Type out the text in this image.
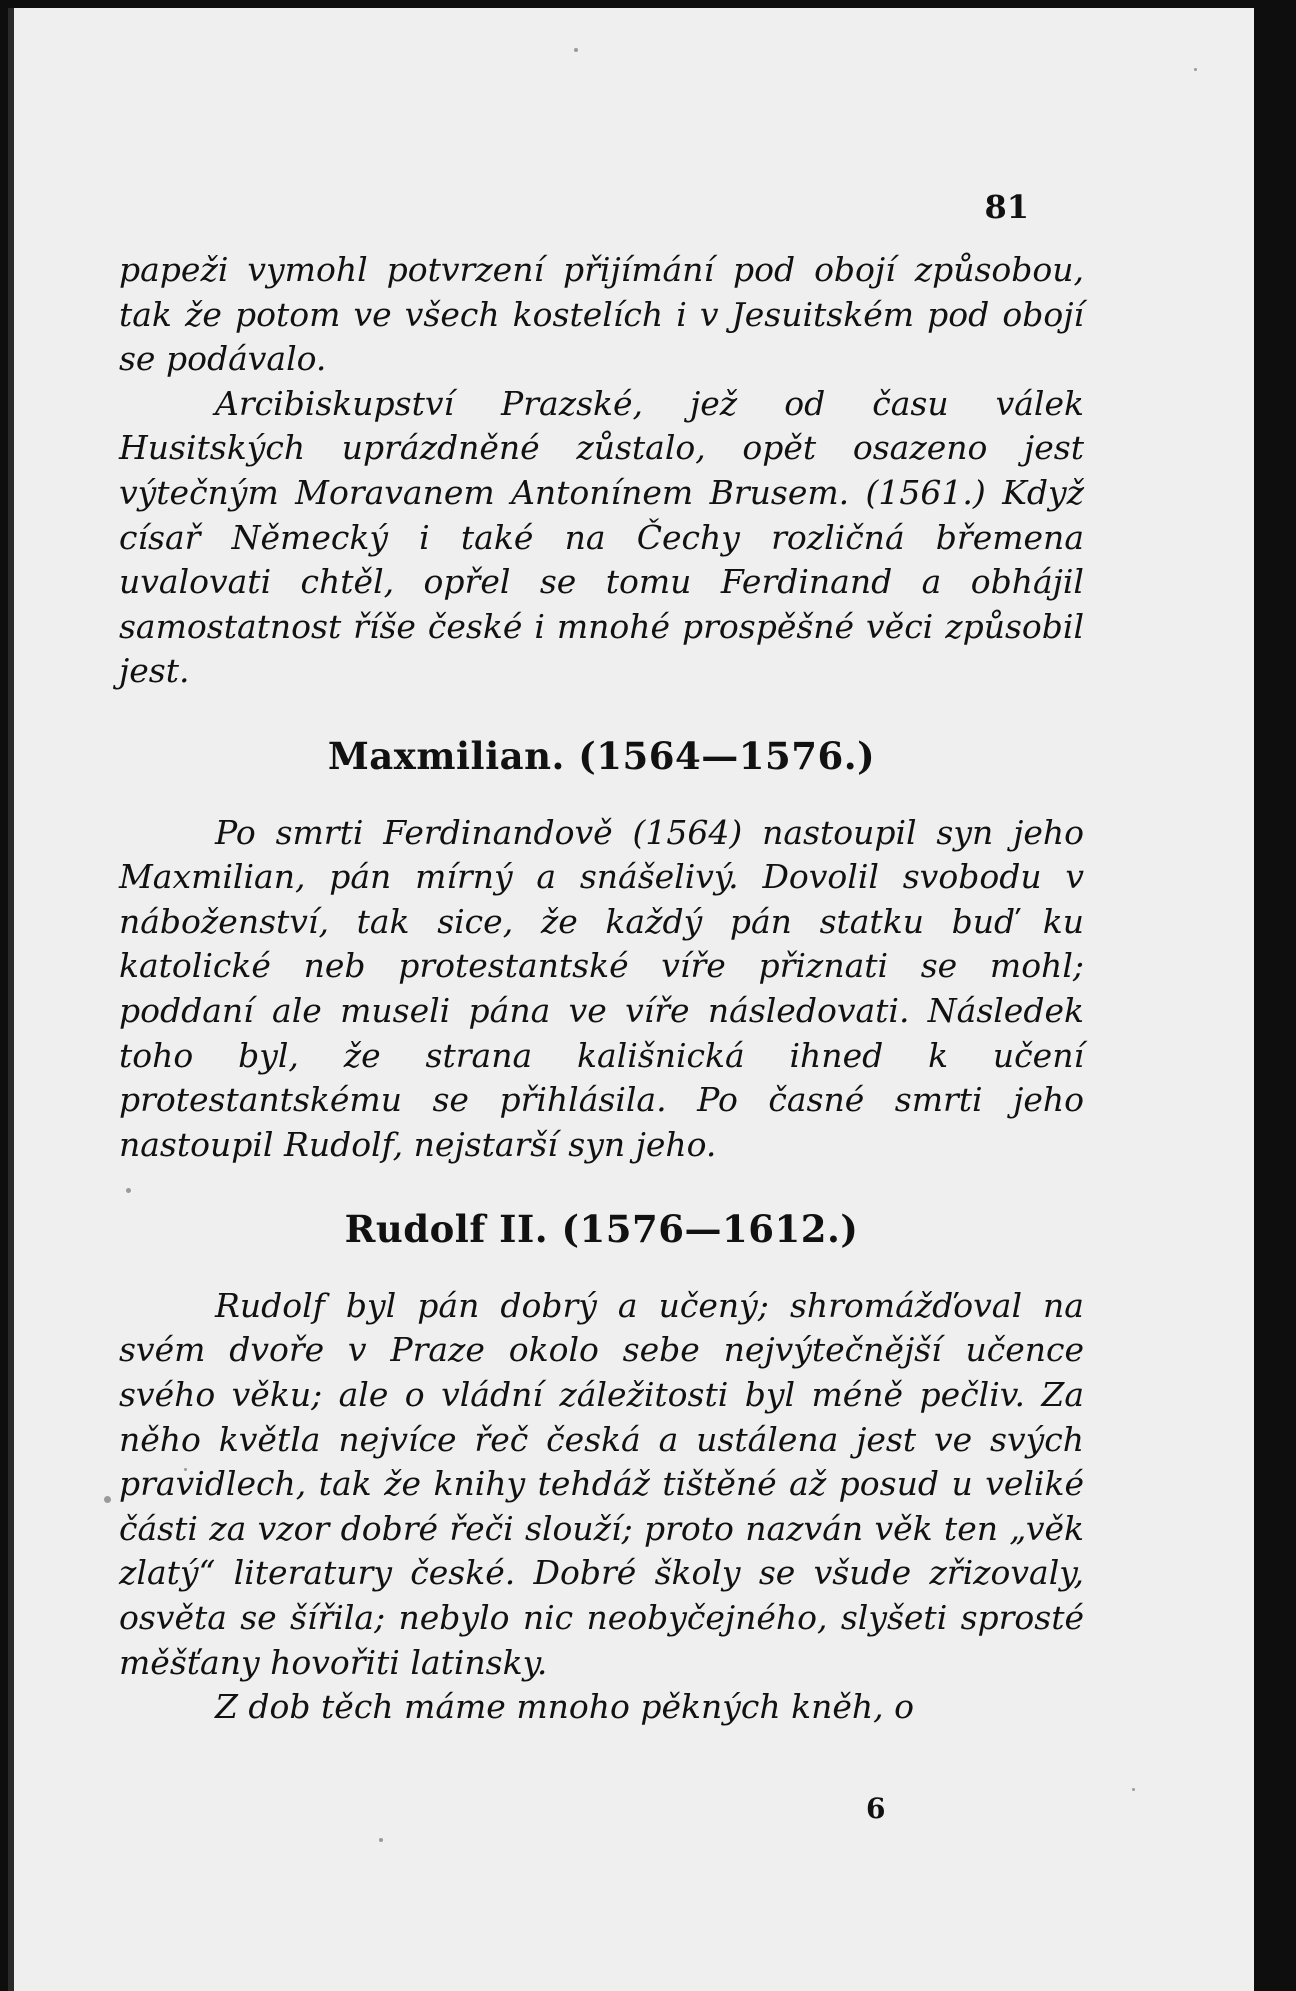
81

papeži vymohl potvrzení přijímání pod obojí způsobou, tak že potom ve všech kostelích i v Jesuitském pod obojí se podávalo.

Arcibiskupství Prazské, jež od času válek Husitských uprázdněné zůstalo, opět osazeno jest výtečným Moravanem Antonínem Brusem. (1561.) Když císař Německý i také na Čechy rozličná břemena uvalovati chtěl, opřel se tomu Ferdinand a obhájil samostatnost říše české i mnohé prospěšné věci způsobil jest.

Maxmilian. (1564—1576.)

Po smrti Ferdinandově (1564) nastoupil syn jeho Maxmilian, pán mírný a snášelivý. Dovolil svobodu v náboženství, tak sice, že každý pán statku buď ku katolické neb protestantské víře přiznati se mohl; poddaní ale museli pána ve víře následovati. Následek toho byl, že strana kališnická ihned k učení protestantskému se přihlásila. Po časné smrti jeho nastoupil Rudolf, nejstarší syn jeho.

Rudolf II. (1576—1612.)

Rudolf byl pán dobrý a učený; shromážďoval na svém dvoře v Praze okolo sebe nejvýtečnější učence svého věku; ale o vládní záležitosti byl méně pečliv. Za něho květla nejvíce řeč česká a ustálena jest ve svých pravidlech, tak že knihy tehdáž tištěné až posud u veliké části za vzor dobré řeči slouží; proto nazván věk ten „věk zlatý“ literatury české. Dobré školy se všude zřizovaly, osvěta se šířila; nebylo nic neobyčejného, slyšeti sprosté měšťany hovořiti latinsky.

Z dob těch máme mnoho pěkných kněh, o

6
